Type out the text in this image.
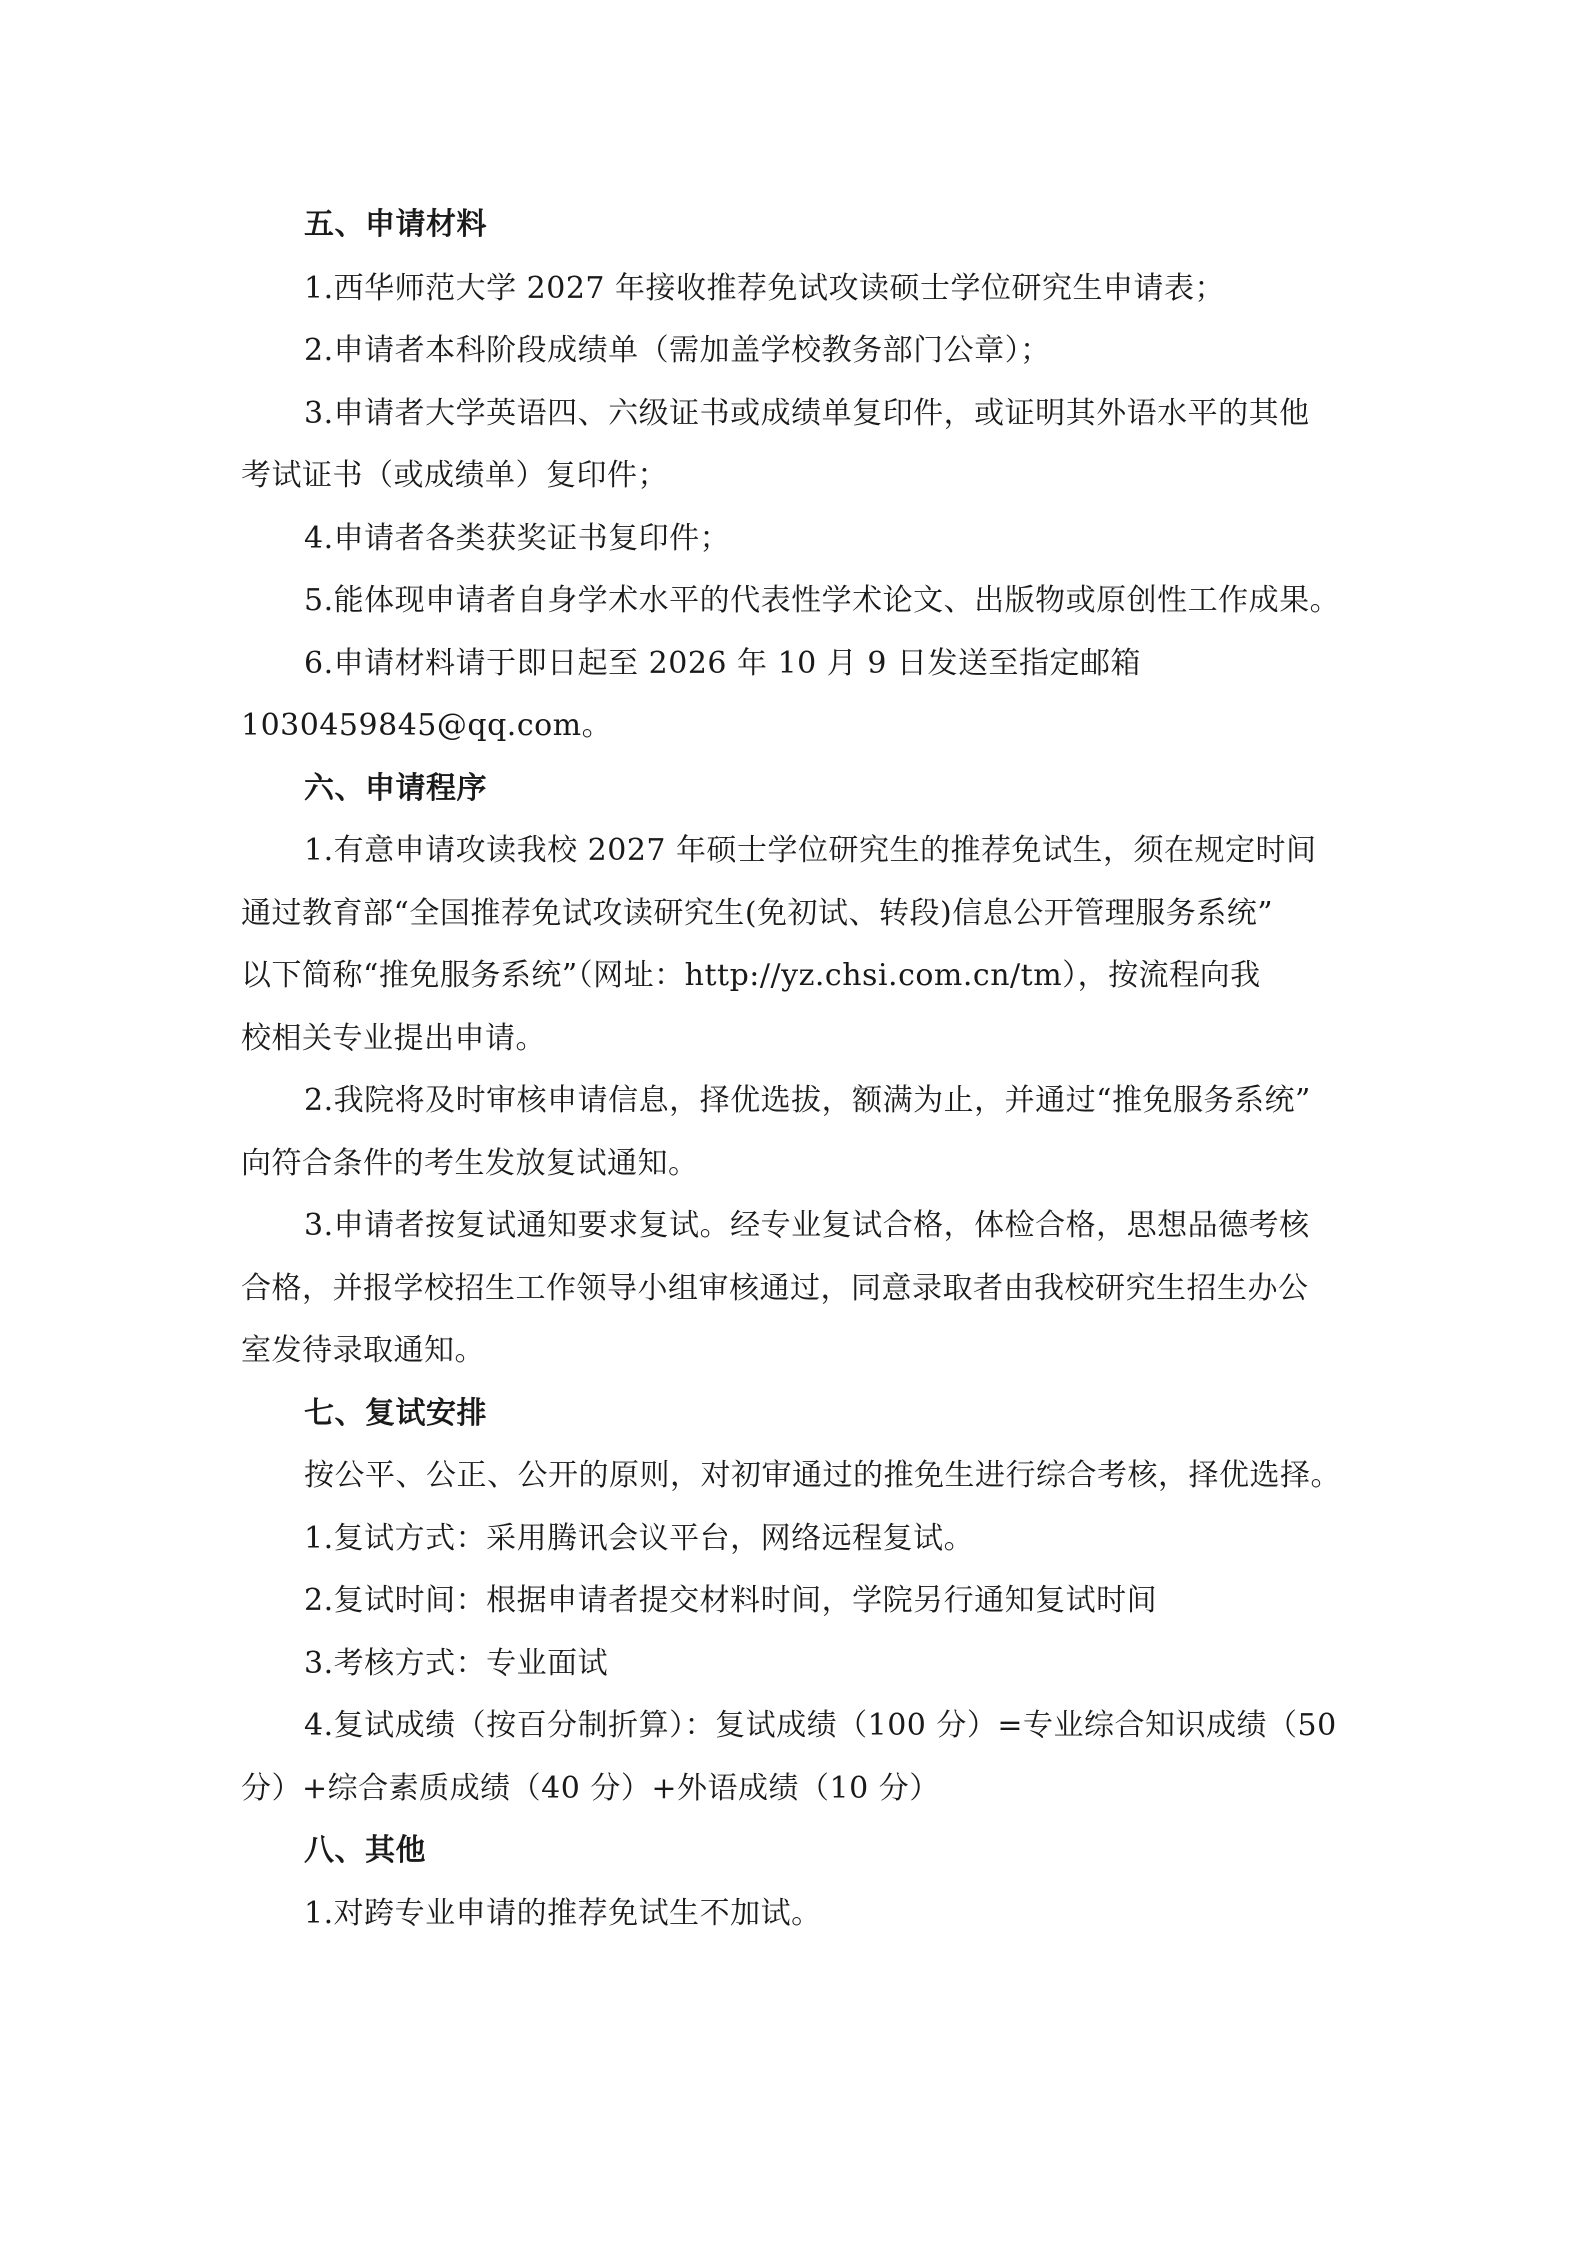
五、申请材料
1.西华师范大学 2027 年接收推荐免试攻读硕士学位研究生申请表；
2.申请者本科阶段成绩单（需加盖学校教务部门公章）；
3.申请者大学英语四、六级证书或成绩单复印件，或证明其外语水平的其他
考试证书（或成绩单）复印件；
4.申请者各类获奖证书复印件；
5.能体现申请者自身学术水平的代表性学术论文、出版物或原创性工作成果。
6.申请材料请于即日起至 2026 年 10 月 9 日发送至指定邮箱
1030459845@qq.com。
六、申请程序
1.有意申请攻读我校 2027 年硕士学位研究生的推荐免试生，须在规定时间
通过教育部“全国推荐免试攻读研究生(免初试、转段)信息公开管理服务系统”
以下简称“推免服务系统”（网址：http://yz.chsi.com.cn/tm），按流程向我
校相关专业提出申请。
2.我院将及时审核申请信息，择优选拔，额满为止，并通过“推免服务系统”
向符合条件的考生发放复试通知。
3.申请者按复试通知要求复试。经专业复试合格，体检合格，思想品德考核
合格，并报学校招生工作领导小组审核通过，同意录取者由我校研究生招生办公
室发待录取通知。
七、复试安排
按公平、公正、公开的原则，对初审通过的推免生进行综合考核，择优选择。
1.复试方式：采用腾讯会议平台，网络远程复试。
2.复试时间：根据申请者提交材料时间，学院另行通知复试时间
3.考核方式：专业面试
4.复试成绩（按百分制折算）：复试成绩（100 分）=专业综合知识成绩（50
分）+综合素质成绩（40 分）+外语成绩（10 分）
八、其他
1.对跨专业申请的推荐免试生不加试。
